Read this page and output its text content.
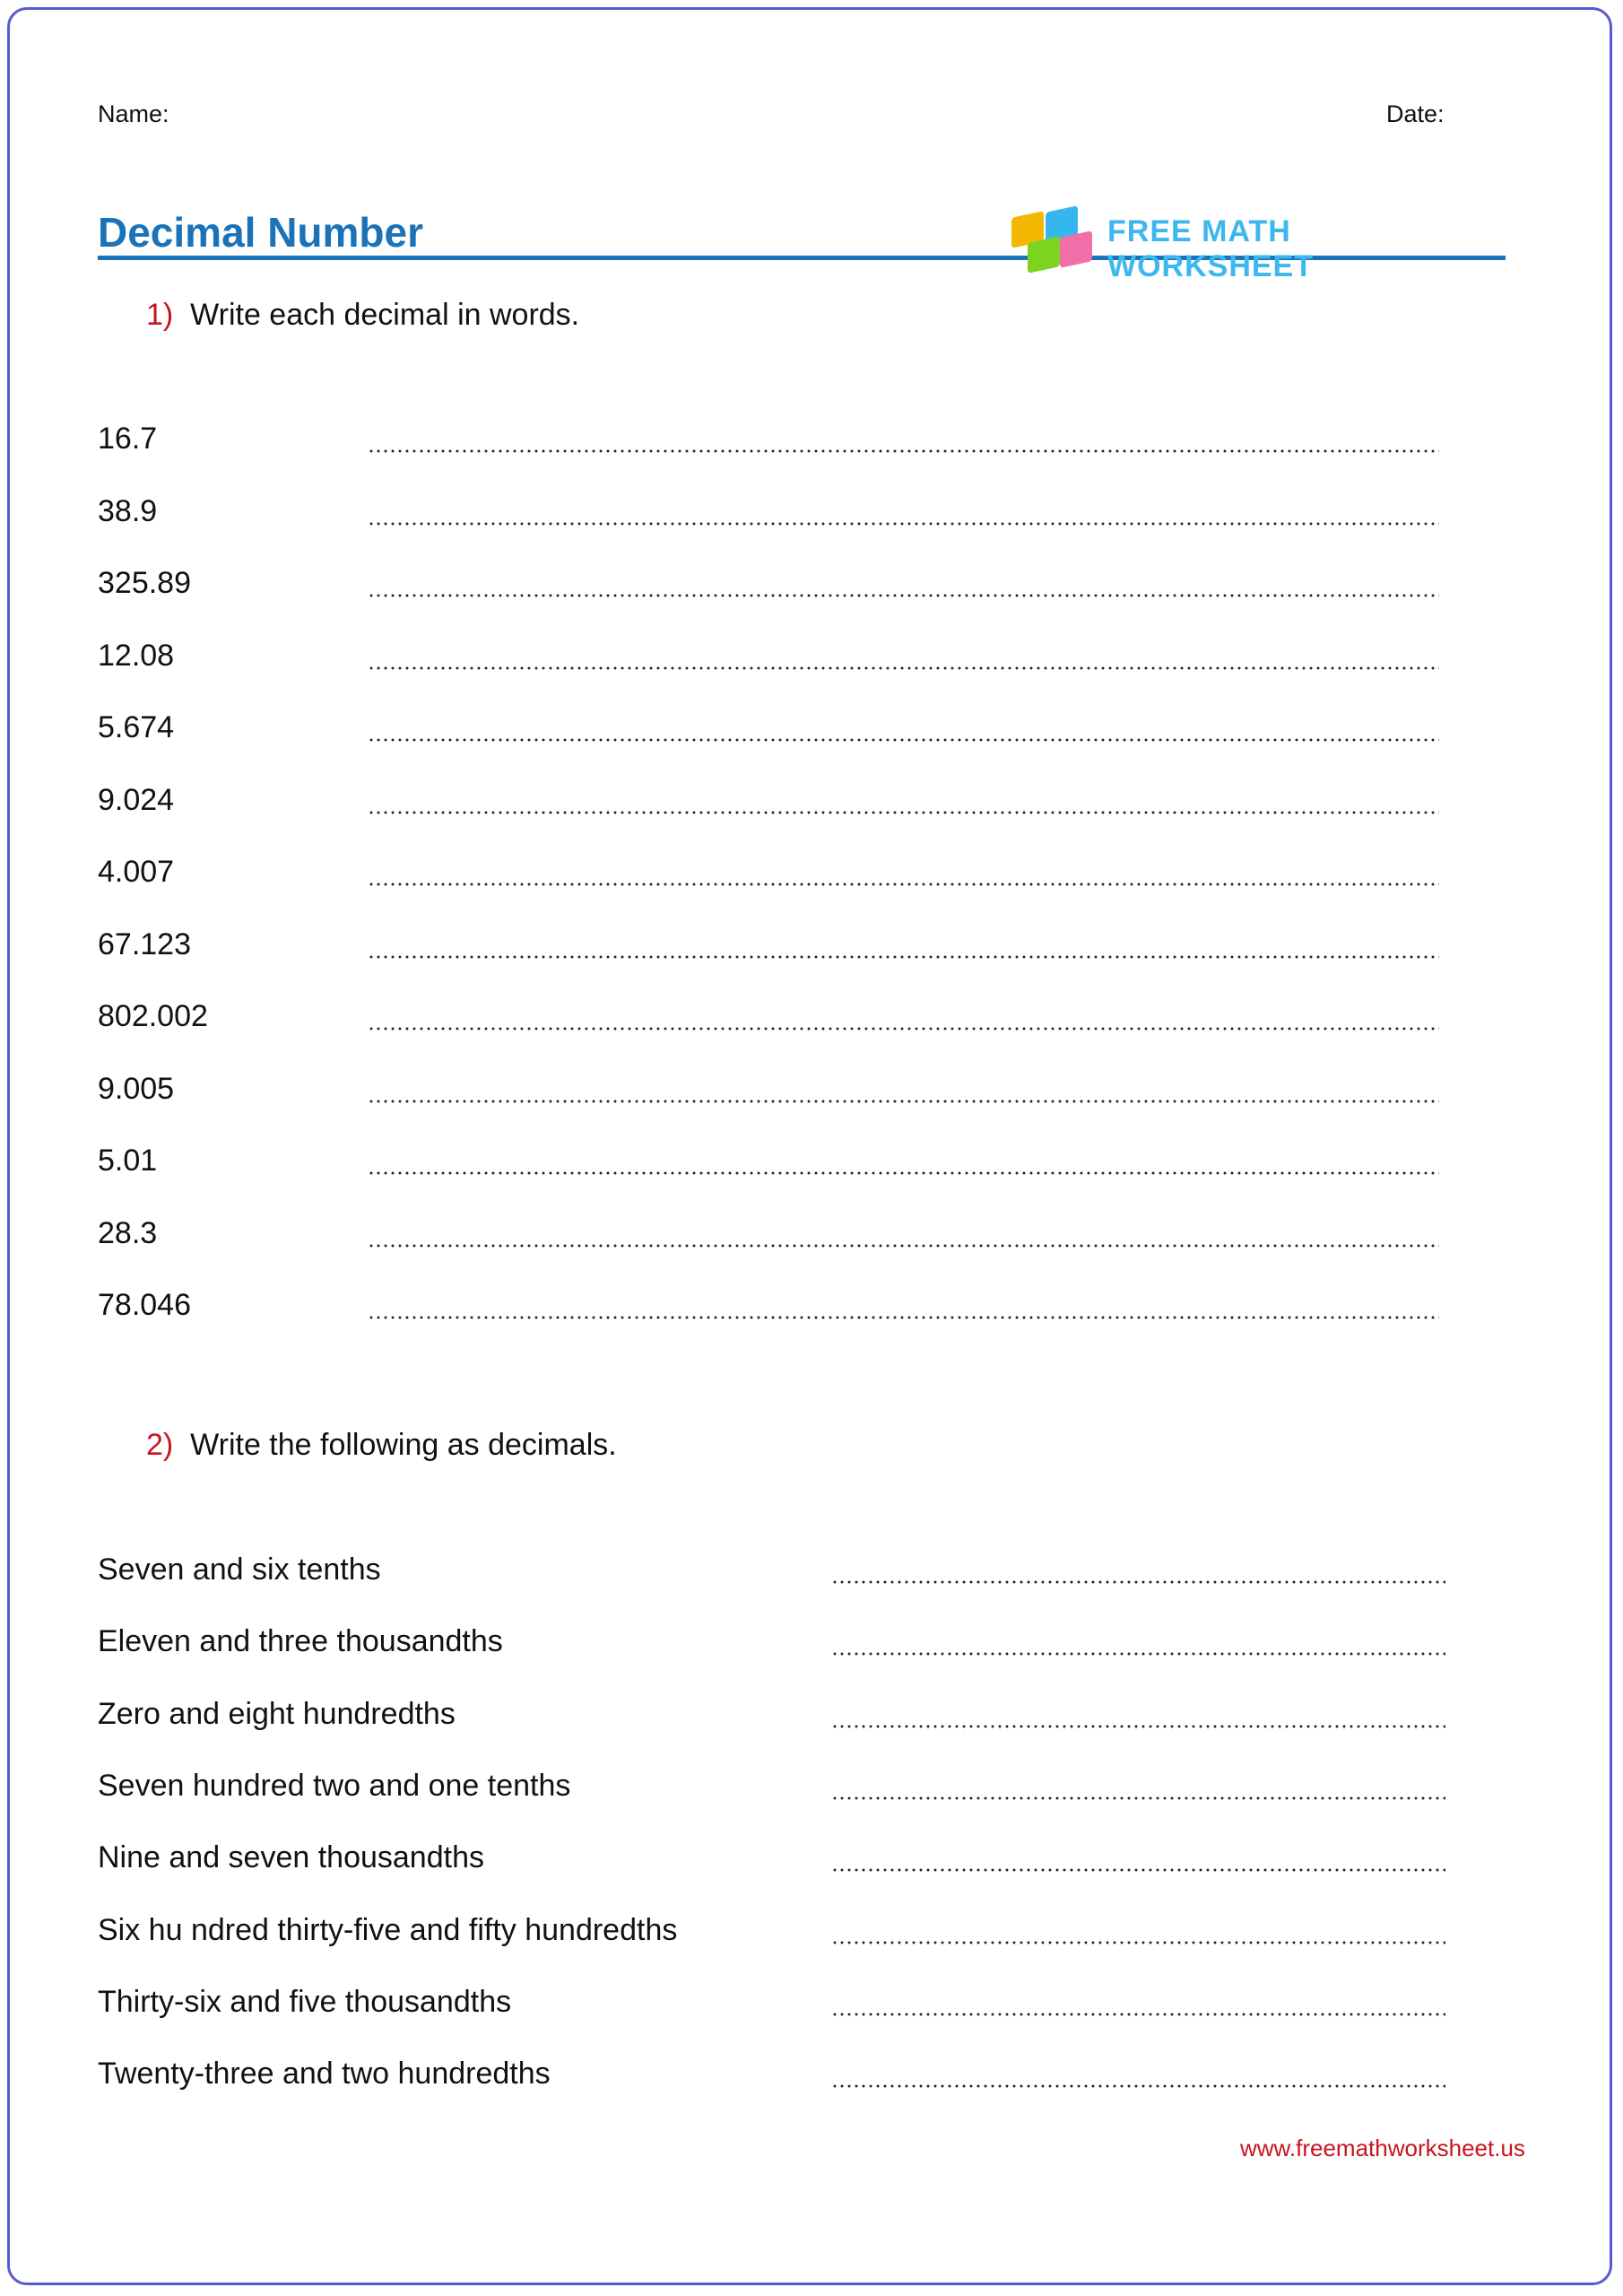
Name:	Date:
Decimal Number	FREE MATH WORKSHEET
1) Write each decimal in words.
16.7
38.9
325.89
12.08
5.674
9.024
4.007
67.123
802.002
9.005
5.01
28.3
78.046
2) Write the following as decimals.
Seven and six tenths
Eleven and three thousandths
Zero and eight hundredths
Seven hundred two and one tenths
Nine and seven thousandths
Six hu ndred thirty-five and fifty hundredths
Thirty-six and five thousandths
Twenty-three and two hundredths
www.freemathworksheet.us
